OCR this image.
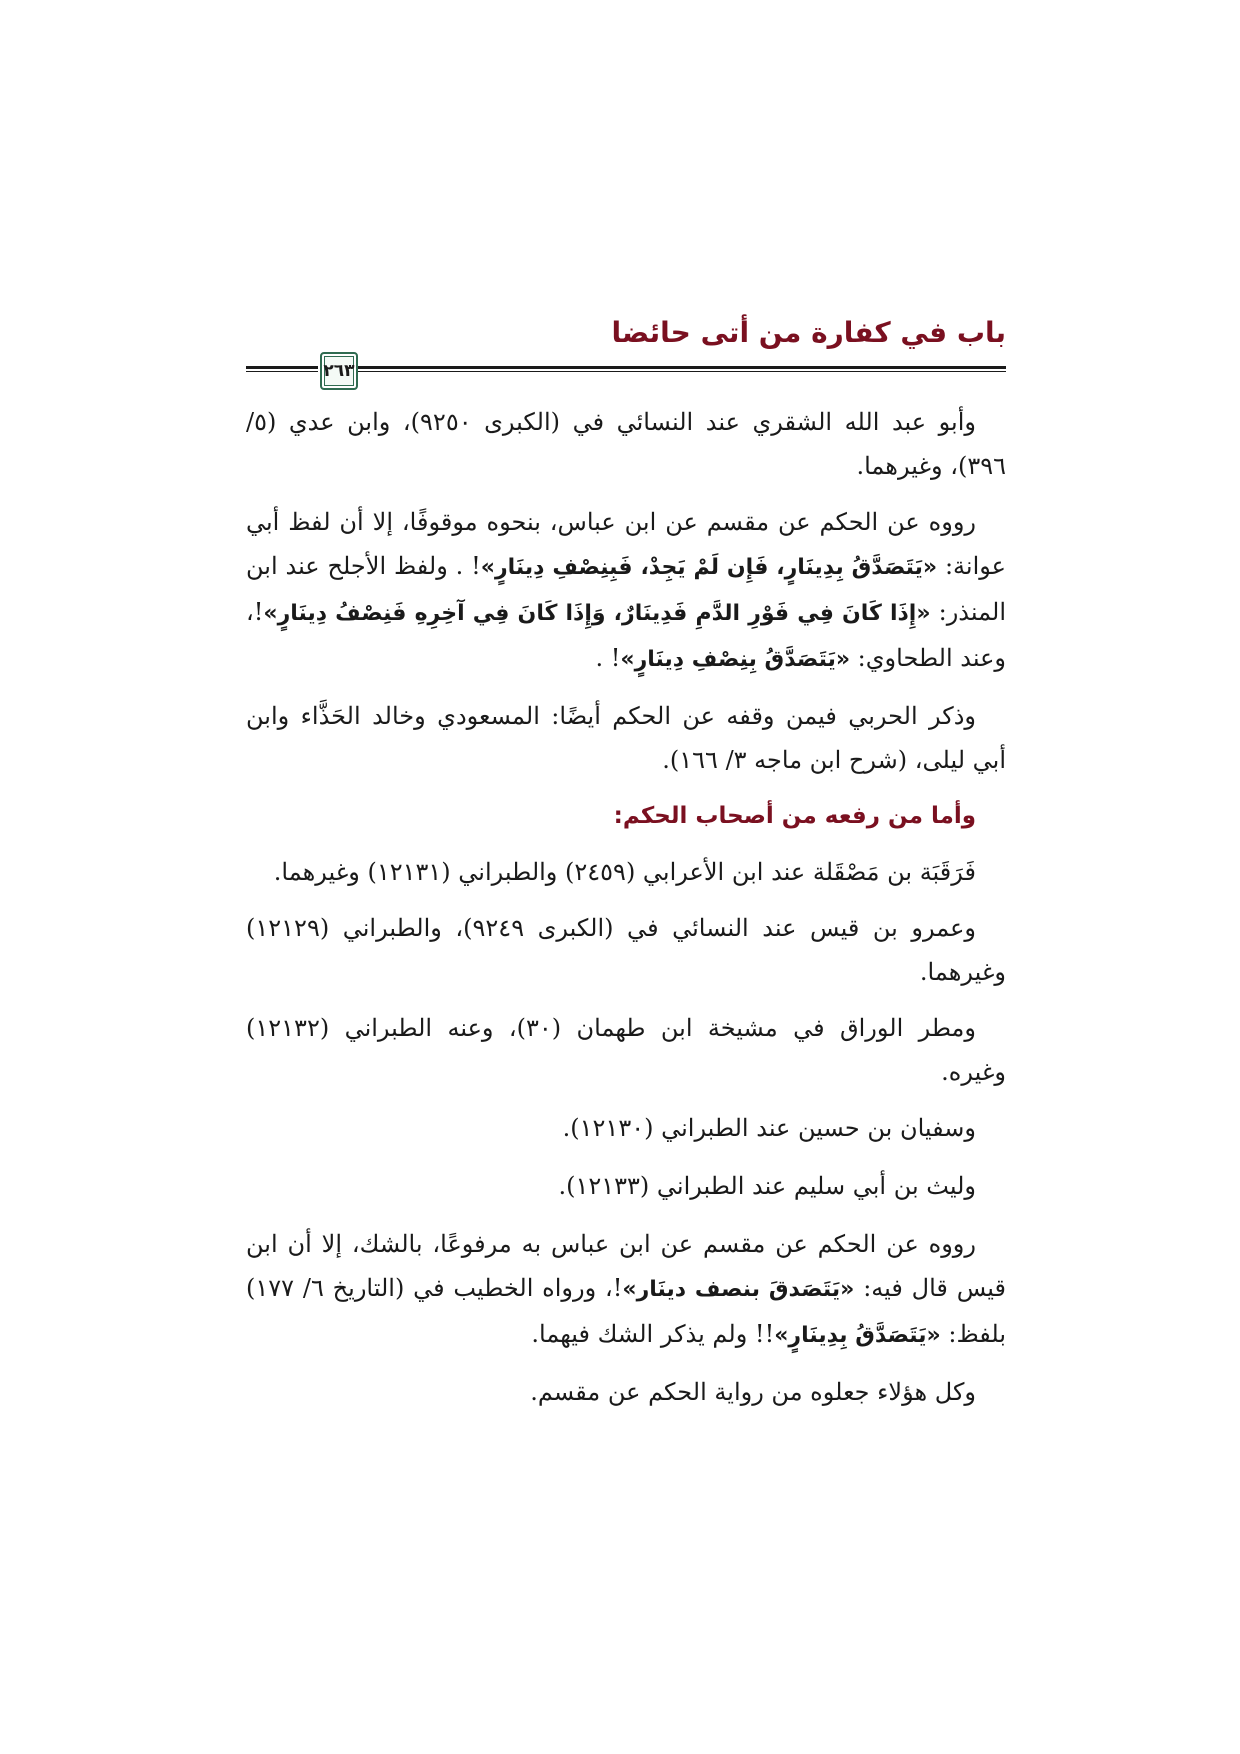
باب في كفارة من أتى حائضا
٢٦٣

وأبو عبد الله الشقري عند النسائي في (الكبرى ٩٢٥٠)، وابن عدي (٥/ ٣٩٦)، وغيرهما.

رووه عن الحكم عن مقسم عن ابن عباس، بنحوه موقوفًا، إلا أن لفظ أبي عوانة: «يَتَصَدَّقُ بِدِينَارٍ، فَإِن لَمْ يَجِدْ، فَبِنِصْفِ دِينَارٍ»! . ولفظ الأجلح عند ابن المنذر: «إِذَا كَانَ فِي فَوْرِ الدَّمِ فَدِينَارٌ، وَإِذَا كَانَ فِي آخِرِهِ فَنِصْفُ دِينَارٍ»!، وعند الطحاوي: «يَتَصَدَّقُ بِنِصْفِ دِينَارٍ»! .

وذكر الحربي فيمن وقفه عن الحكم أيضًا: المسعودي وخالد الحَذَّاء وابن أبي ليلى، (شرح ابن ماجه ٣/ ١٦٦).

وأما من رفعه من أصحاب الحكم:

فَرَقَبَة بن مَصْقَلة عند ابن الأعرابي (٢٤٥٩) والطبراني (١٢١٣١) وغيرهما.

وعمرو بن قيس عند النسائي في (الكبرى ٩٢٤٩)، والطبراني (١٢١٢٩) وغيرهما.

ومطر الوراق في مشيخة ابن طهمان (٣٠)، وعنه الطبراني (١٢١٣٢) وغيره.

وسفيان بن حسين عند الطبراني (١٢١٣٠).

وليث بن أبي سليم عند الطبراني (١٢١٣٣).

رووه عن الحكم عن مقسم عن ابن عباس به مرفوعًا، بالشك، إلا أن ابن قيس قال فيه: «يَتَصَدقَ بنصف دينَار»!، ورواه الخطيب في (التاريخ ٦/ ١٧٧) بلفظ: «يَتَصَدَّقُ بِدِينَارٍ»!! ولم يذكر الشك فيهما.

وكل هؤلاء جعلوه من رواية الحكم عن مقسم.
